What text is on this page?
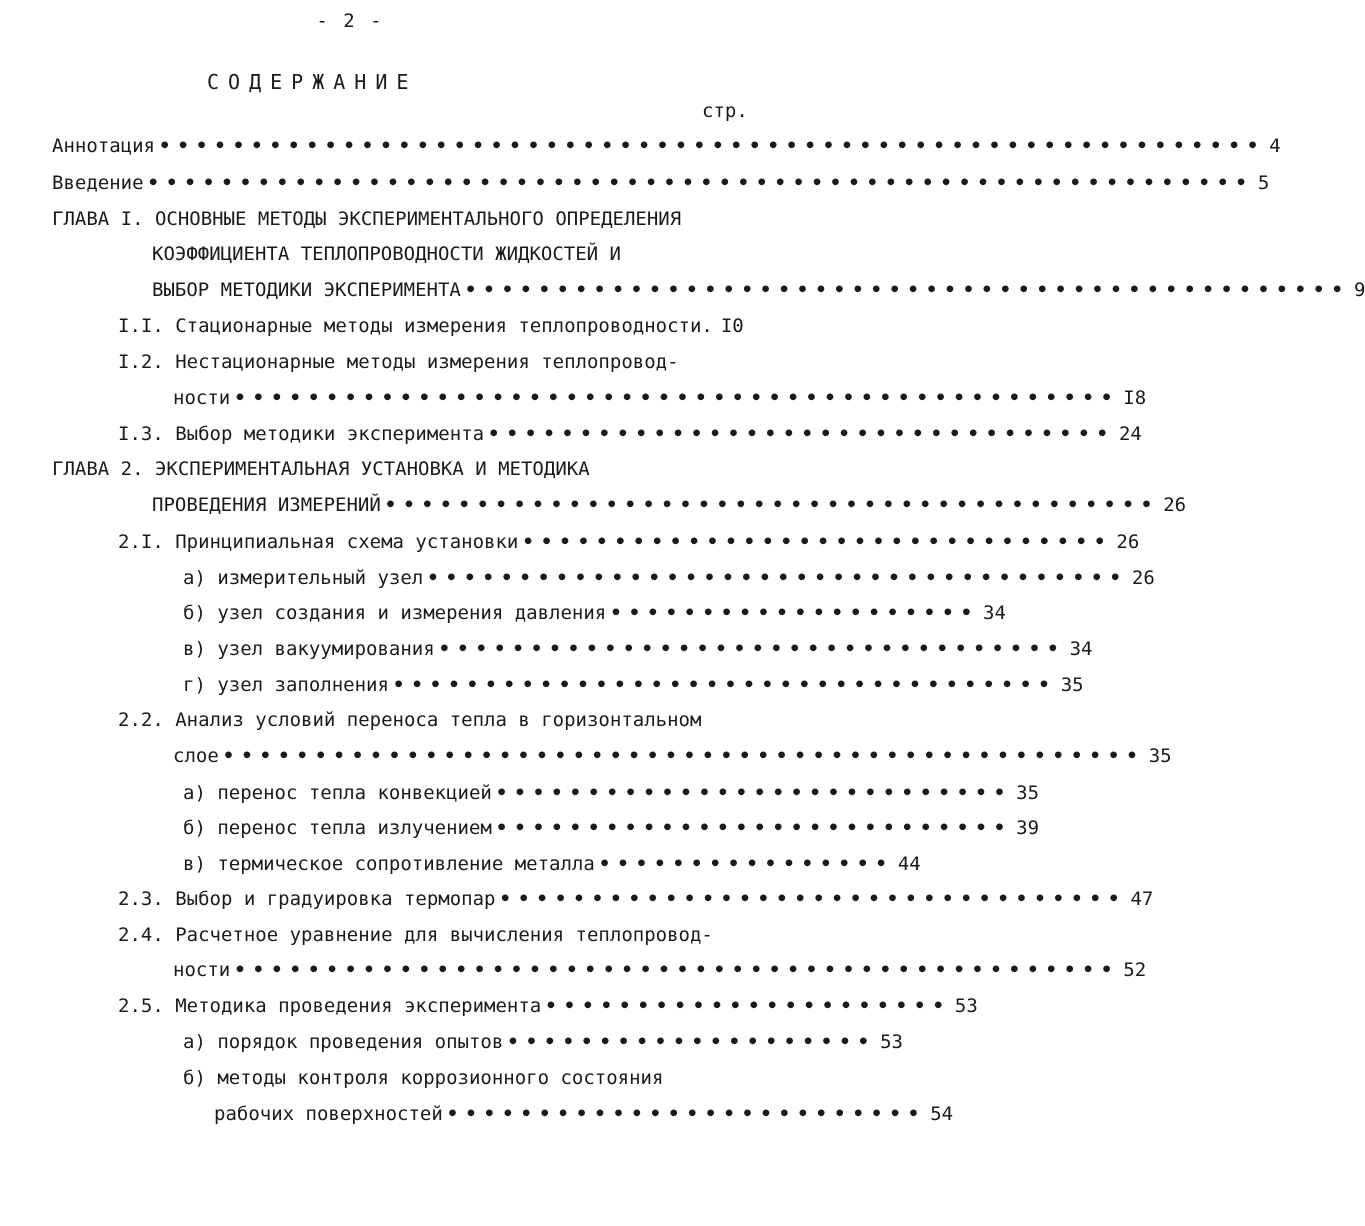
- 2 -
СОДЕРЖАНИЕ
стр.
Аннотация •••••••••••••••••••••••••••••••••••••••••••••••••••••••••••• 4
Введение •••••••••••••••••••••••••••••••••••••••••••••••••••••••••••• 5
ГЛАВА I. ОСНОВНЫЕ МЕТОДЫ ЭКСПЕРИМЕНТАЛЬНОГО ОПРЕДЕЛЕНИЯ
КОЭФФИЦИЕНТА ТЕПЛОПРОВОДНОСТИ ЖИДКОСТЕЙ И
ВЫБОР МЕТОДИКИ ЭКСПЕРИМЕНТА •••••••••••••••••••••••••••••••••••••••••••••••• 9
I.I. Стационарные методы измерения теплопроводности. I0
I.2. Нестационарные методы измерения теплопровод-
ности •••••••••••••••••••••••••••••••••••••••••••••••• I8
I.3. Выбор методики эксперимента •••••••••••••••••••••••••••••••••• 24
ГЛАВА 2. ЭКСПЕРИМЕНТАЛЬНАЯ УСТАНОВКА И МЕТОДИКА
ПРОВЕДЕНИЯ ИЗМЕРЕНИЙ •••••••••••••••••••••••••••••••••••••••••• 26
2.I. Принципиальная схема установки •••••••••••••••••••••••••••••••• 26
а) измерительный узел •••••••••••••••••••••••••••••••••••••• 26
б) узел создания и измерения давления •••••••••••••••••••• 34
в) узел вакуумирования •••••••••••••••••••••••••••••••••• 34
г) узел заполнения •••••••••••••••••••••••••••••••••••• 35
2.2. Анализ условий переноса тепла в горизонтальном
слое •••••••••••••••••••••••••••••••••••••••••••••••••• 35
а) перенос тепла конвекцией •••••••••••••••••••••••••••• 35
б) перенос тепла излучением •••••••••••••••••••••••••••• 39
в) термическое сопротивление металла •••••••••••••••• 44
2.3. Выбор и градуировка термопар •••••••••••••••••••••••••••••••••• 47
2.4. Расчетное уравнение для вычисления теплопровод-
ности •••••••••••••••••••••••••••••••••••••••••••••••• 52
2.5. Методика проведения эксперимента •••••••••••••••••••••• 53
а) порядок проведения опытов •••••••••••••••••••• 53
б) методы контроля коррозионного состояния
рабочих поверхностей •••••••••••••••••••••••••• 54
